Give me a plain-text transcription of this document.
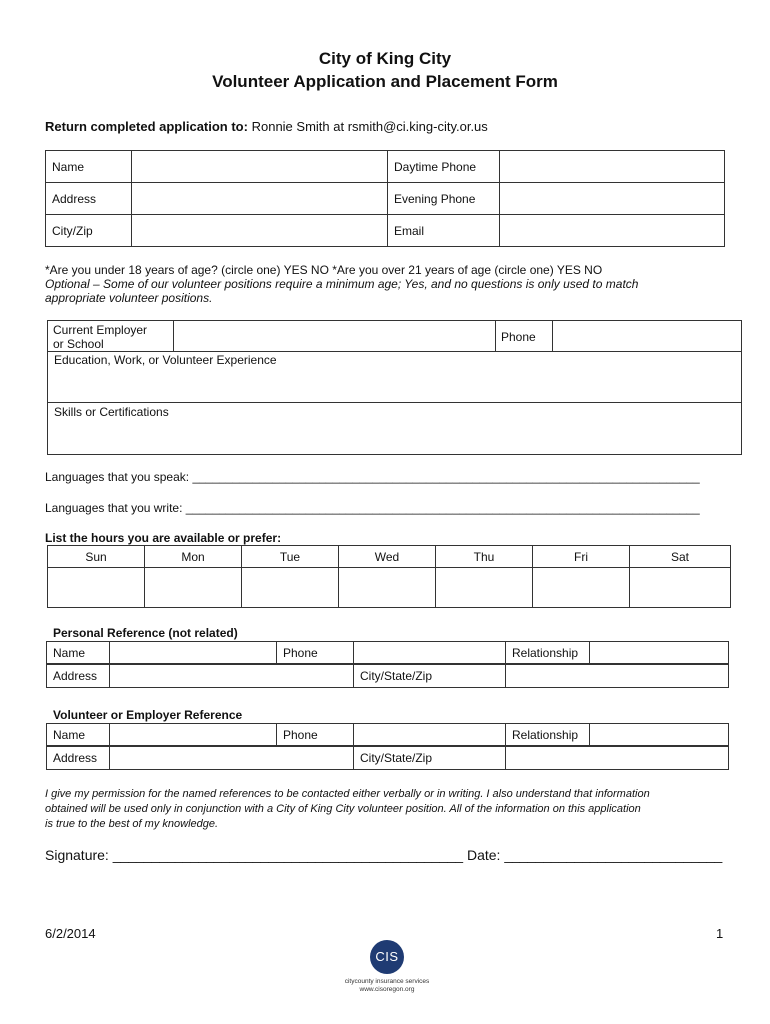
City of King City
Volunteer Application and Placement Form
Return completed application to: Ronnie Smith at rsmith@ci.king-city.or.us
Name		Daytime Phone	

Address		Evening Phone	

City/Zip		Email	
*Are you under 18 years of age? (circle one) YES NO *Are you over 21 years of age (circle one) YES NO
Optional – Some of our volunteer positions require a minimum age; Yes, and no questions is only used to match
appropriate volunteer positions.
Current Employer
or School	Phone
Education, Work, or Volunteer Experience
Skills or Certifications
Languages that you speak: ____________________________________________________________________________
Languages that you write: _____________________________________________________________________________
List the hours you are available or prefer:
Sun	Mon	Tue	Wed	Thu	Fri	Sat

Personal Reference (not related)
Name		Phone		Relationship	
Address		City/State/Zip	
Volunteer or Employer Reference
Name		Phone		Relationship	
Address		City/State/Zip	
I give my permission for the named references to be contacted either verbally or in writing. I also understand that information
obtained will be used only in conjunction with a City of King City volunteer position. All of the information on this application
is true to the best of my knowledge.
Signature: _____________________________________________ Date: ____________________________
6/2/2014	1
CIS
citycounty insurance services
www.cisoregon.org
